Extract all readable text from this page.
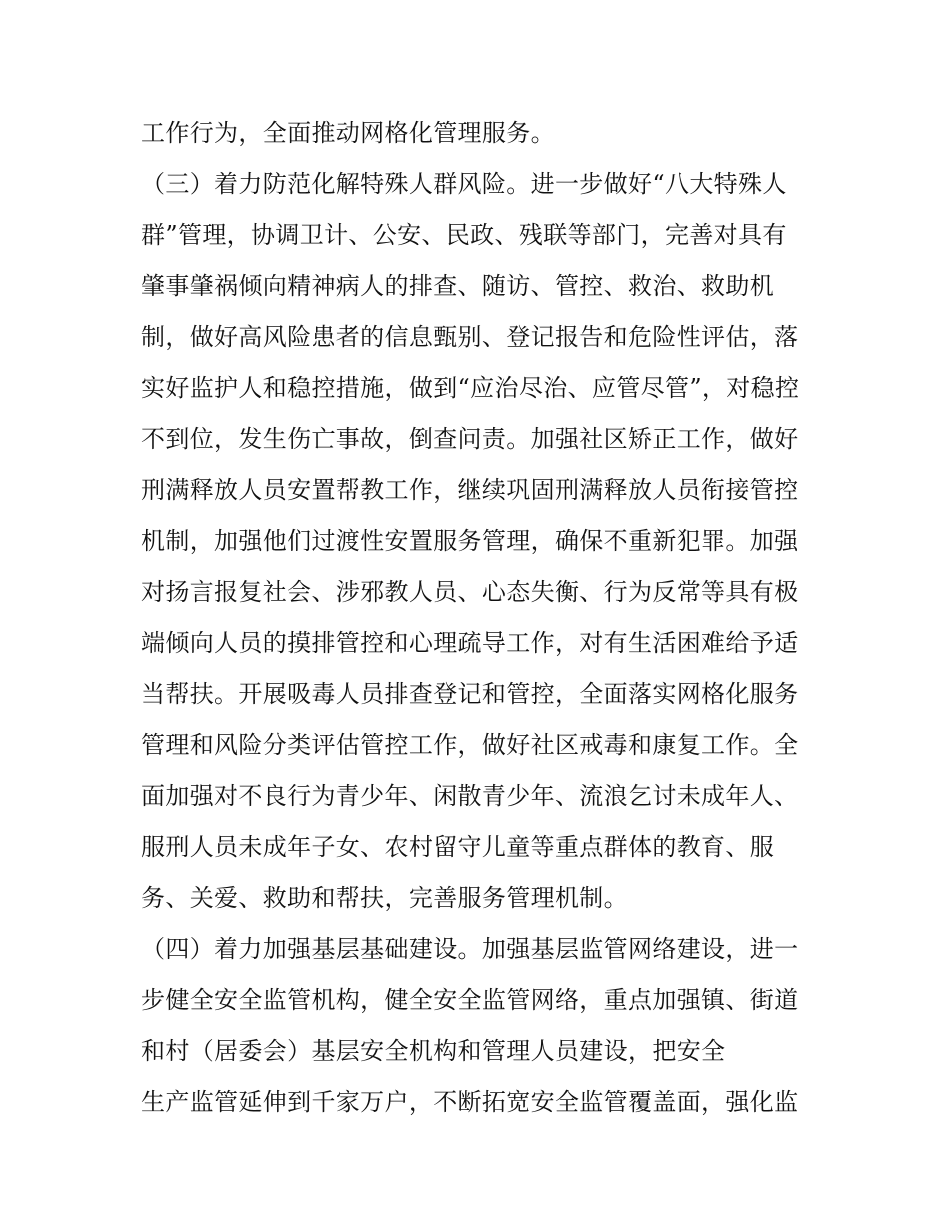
工作行为，全面推动网格化管理服务。
（三）着力防范化解特殊人群风险。进一步做好“八大特殊人
群”管理，协调卫计、公安、民政、残联等部门，完善对具有
肇事肇祸倾向精神病人的排查、随访、管控、救治、救助机
制，做好高风险患者的信息甄别、登记报告和危险性评估，落
实好监护人和稳控措施，做到“应治尽治、应管尽管”，对稳控
不到位，发生伤亡事故，倒查问责。加强社区矫正工作，做好
刑满释放人员安置帮教工作，继续巩固刑满释放人员衔接管控
机制，加强他们过渡性安置服务管理，确保不重新犯罪。加强
对扬言报复社会、涉邪教人员、心态失衡、行为反常等具有极
端倾向人员的摸排管控和心理疏导工作，对有生活困难给予适
当帮扶。开展吸毒人员排查登记和管控，全面落实网格化服务
管理和风险分类评估管控工作，做好社区戒毒和康复工作。全
面加强对不良行为青少年、闲散青少年、流浪乞讨未成年人、
服刑人员未成年子女、农村留守儿童等重点群体的教育、服
务、关爱、救助和帮扶，完善服务管理机制。
（四）着力加强基层基础建设。加强基层监管网络建设，进一
步健全安全监管机构，健全安全监管网络，重点加强镇、街道
和村（居委会）基层安全机构和管理人员建设，把安全
生产监管延伸到千家万户，不断拓宽安全监管覆盖面，强化监
